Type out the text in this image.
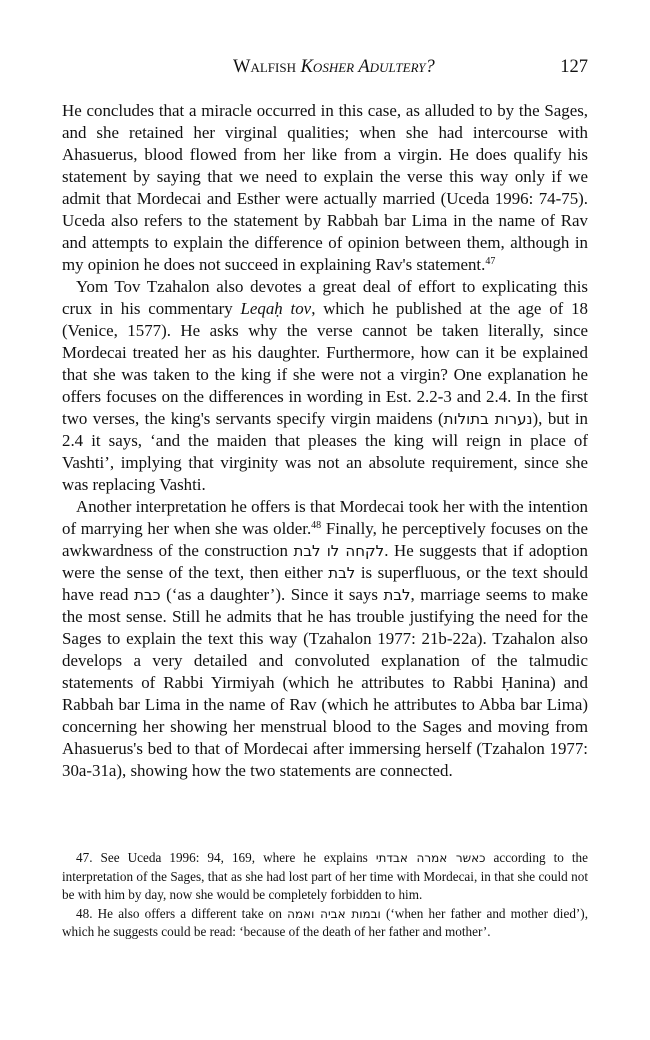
Walfish Kosher Adultery?	127

He concludes that a miracle occurred in this case, as alluded to by the Sages, and she retained her virginal qualities; when she had intercourse with Ahasuerus, blood flowed from her like from a virgin. He does qualify his statement by saying that we need to explain the verse this way only if we admit that Mordecai and Esther were actually married (Uceda 1996: 74-75). Uceda also refers to the statement by Rabbah bar Lima in the name of Rav and attempts to explain the difference of opinion between them, although in my opinion he does not succeed in explaining Rav's statement.$^{47}$

Yom Tov Tzahalon also devotes a great deal of effort to explicating this crux in his commentary Leqaḥ tov, which he published at the age of 18 (Venice, 1577). He asks why the verse cannot be taken literally, since Mordecai treated her as his daughter. Furthermore, how can it be explained that she was taken to the king if she were not a virgin? One explanation he offers focuses on the differences in wording in Est. 2.2-3 and 2.4. In the first two verses, the king's servants specify virgin maidens (נערות בתולות), but in 2.4 it says, ‘and the maiden that pleases the king will reign in place of Vashti’, implying that virginity was not an absolute requirement, since she was replacing Vashti.

Another interpretation he offers is that Mordecai took her with the intention of marrying her when she was older.$^{48}$ Finally, he perceptively focuses on the awkwardness of the construction לקחה לו לבת. He suggests that if adoption were the sense of the text, then either לבת is superfluous, or the text should have read כבת (‘as a daughter’). Since it says לבת, marriage seems to make the most sense. Still he admits that he has trouble justifying the need for the Sages to explain the text this way (Tzahalon 1977: 21b-22a). Tzahalon also develops a very detailed and convoluted explanation of the talmudic statements of Rabbi Yirmiyah (which he attributes to Rabbi Ḥanina) and Rabbah bar Lima in the name of Rav (which he attributes to Abba bar Lima) concerning her showing her menstrual blood to the Sages and moving from Ahasuerus's bed to that of Mordecai after immersing herself (Tzahalon 1977: 30a-31a), showing how the two statements are connected.

47. See Uceda 1996: 94, 169, where he explains כאשר אמרה אבדתי according to the interpretation of the Sages, that as she had lost part of her time with Mordecai, in that she could not be with him by day, now she would be completely forbidden to him.

48. He also offers a different take on ובמות אביה ואמה (‘when her father and mother died’), which he suggests could be read: ‘because of the death of her father and mother’.
